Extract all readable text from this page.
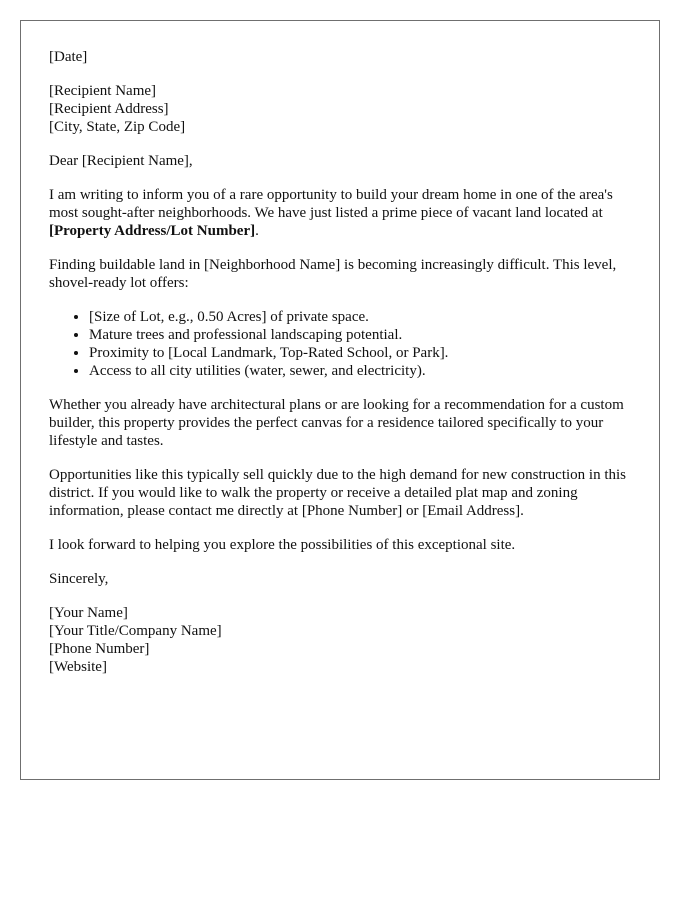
[Date]
[Recipient Name]
[Recipient Address]
[City, State, Zip Code]

Dear [Recipient Name],

I am writing to inform you of a rare opportunity to build your dream home in one of the area's most sought-after neighborhoods. We have just listed a prime piece of vacant land located at [Property Address/Lot Number].

Finding buildable land in [Neighborhood Name] is becoming increasingly difficult. This level, shovel-ready lot offers:

• [Size of Lot, e.g., 0.50 Acres] of private space.
• Mature trees and professional landscaping potential.
• Proximity to [Local Landmark, Top-Rated School, or Park].
• Access to all city utilities (water, sewer, and electricity).

Whether you already have architectural plans or are looking for a recommendation for a custom builder, this property provides the perfect canvas for a residence tailored specifically to your lifestyle and tastes.

Opportunities like this typically sell quickly due to the high demand for new construction in this district. If you would like to walk the property or receive a detailed plat map and zoning information, please contact me directly at [Phone Number] or [Email Address].

I look forward to helping you explore the possibilities of this exceptional site.

Sincerely,

[Your Name]
[Your Title/Company Name]
[Phone Number]
[Website]
